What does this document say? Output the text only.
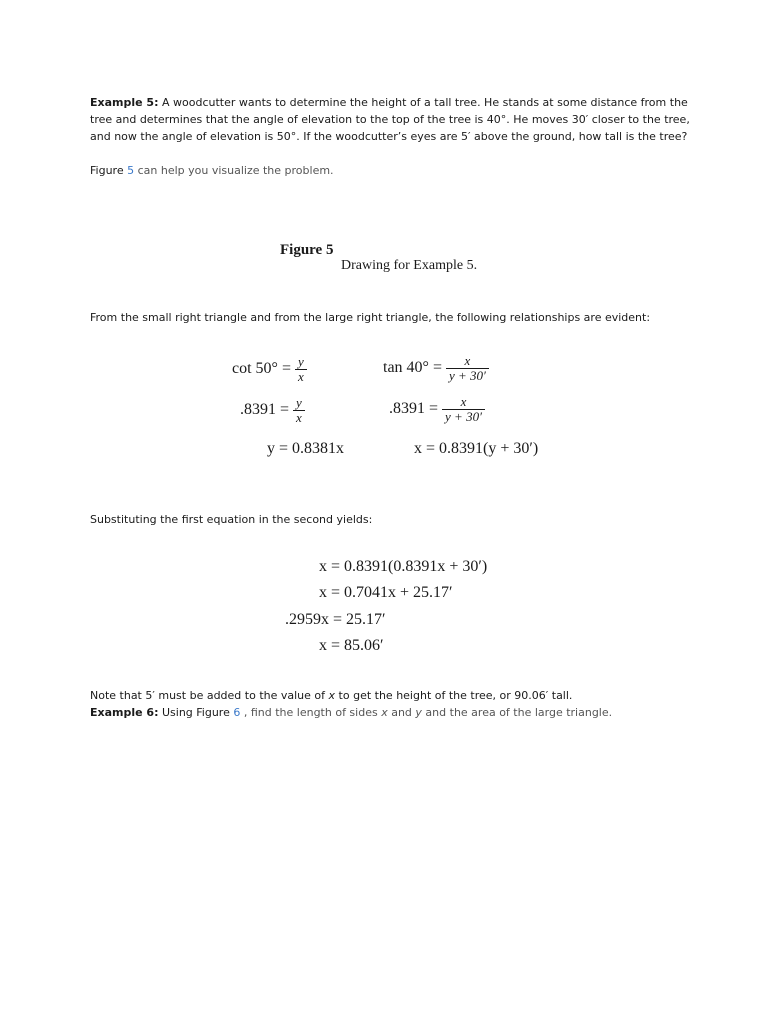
Example 5: A woodcutter wants to determine the height of a tall tree. He stands at some distance from the tree and determines that the angle of elevation to the top of the tree is 40°. He moves 30′ closer to the tree, and now the angle of elevation is 50°. If the woodcutter’s eyes are 5′ above the ground, how tall is the tree?

Figure 5 can help you visualize the problem.

Figure 5
Drawing for Example 5.

From the small right triangle and from the large right triangle, the following relationships are evident:

$\cot 50^\circ = \frac{y}{x}$
$.8391 = \frac{y}{x}$
y = 0.8381x
$\tan 40^\circ = \frac{x}{y + 30'}$
$.8391 = \frac{x}{y + 30'}$
x = 0.8391(y + 30′)

Substituting the first equation in the second yields:

x = 0.8391(0.8391x + 30′)
x = 0.7041x + 25.17′
.2959x = 25.17′
x = 85.06′

Note that 5′ must be added to the value of x to get the height of the tree, or 90.06′ tall.

Example 6: Using Figure 6 , find the length of sides x and y and the area of the large triangle.
